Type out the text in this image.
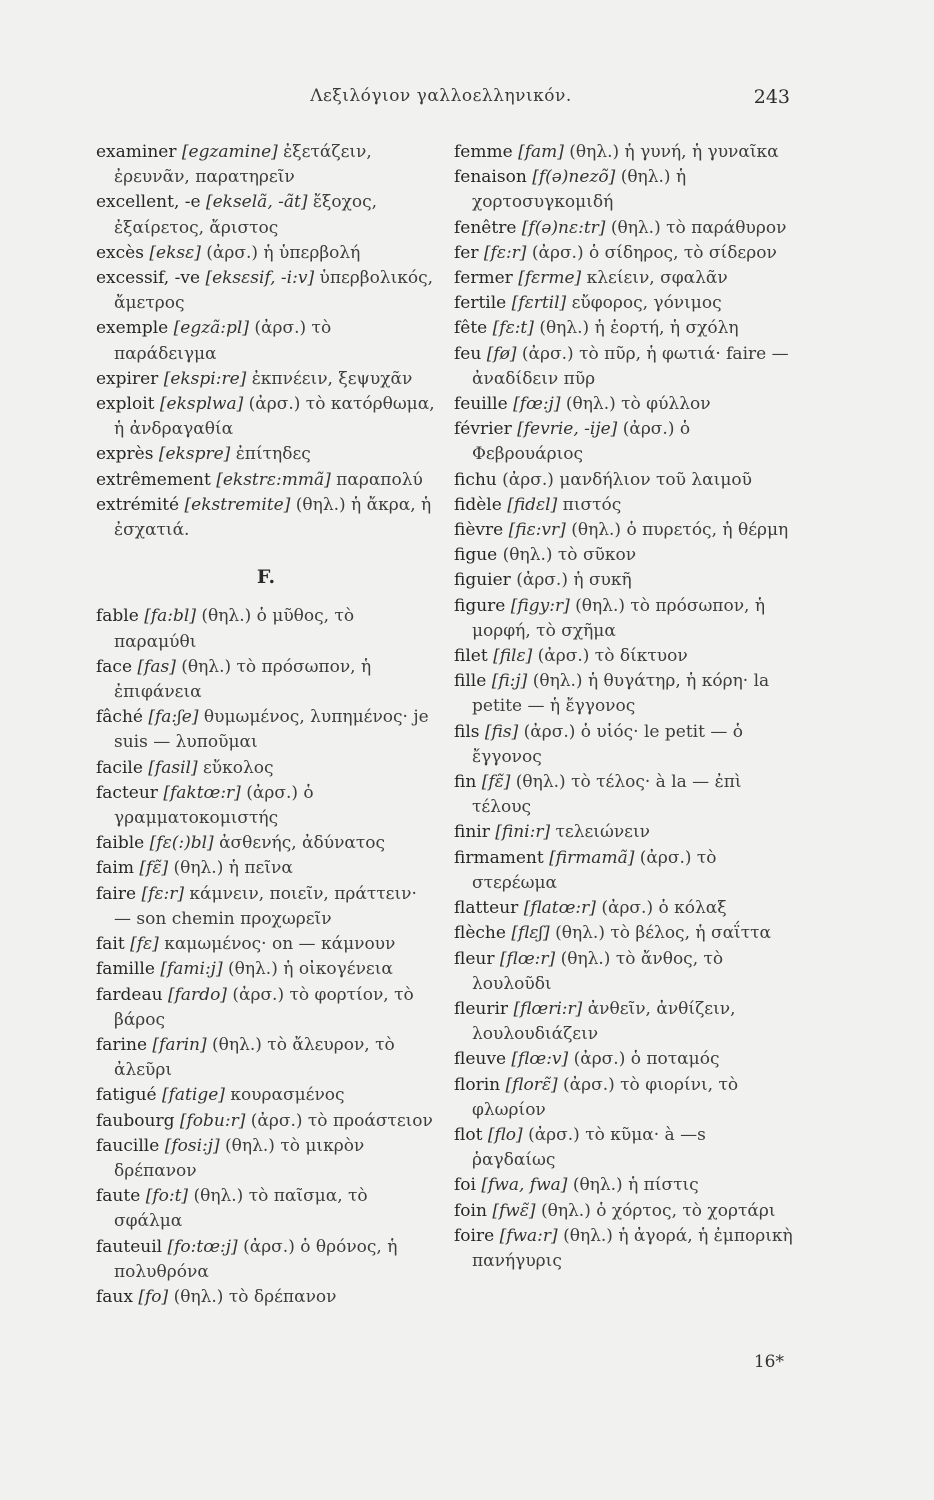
Λεξιλόγιον γαλλοελληνικόν.	243
examiner [egzamine] ἐξετάζειν, ἐρευνᾶν, παρατηρεῖν
excellent, -e [ekselã, -ãt] ἔξοχος, ἐξαίρετος, ἄριστος
excès [eksɛ] (ἀρσ.) ἡ ὑπερβολή
excessif, -ve [eksɛsif, -i:v] ὑπερβολικός, ἄμετρος
exemple [egzã:pl] (ἀρσ.) τὸ παράδειγμα
expirer [ekspi:re] ἐκπνέειν, ξεψυχᾶν
exploit [eksplwa] (ἀρσ.) τὸ κατόρθωμα, ἡ ἀνδραγαθία
exprès [ekspre] ἐπίτηδες
extrêmement [ekstrɛ:mmã] παραπολύ
extrémité [ekstremite] (θηλ.) ἡ ἄκρα, ἡ ἐσχατιά.
F.
fable [fa:bl] (θηλ.) ὁ μῦθος, τὸ παραμύθι
face [fas] (θηλ.) τὸ πρόσωπον, ἡ ἐπιφάνεια
fâché [fa:ʃe] θυμωμένος, λυπημένος· je suis — λυποῦμαι
facile [fasil] εὔκολος
facteur [faktœ:r] (ἀρσ.) ὁ γραμματοκομιστής
faible [fɛ(:)bl] ἀσθενής, ἀδύνατος
faim [fɛ̃] (θηλ.) ἡ πεῖνα
faire [fɛ:r] κάμνειν, ποιεῖν, πράττειν· — son chemin προχωρεῖν
fait [fɛ] καμωμένος· on — κάμνουν
famille [fami:j] (θηλ.) ἡ οἰκογένεια
fardeau [fardo] (ἀρσ.) τὸ φορτίον, τὸ βάρος
farine [farin] (θηλ.) τὸ ἄλευρον, τὸ ἀλεῦρι
fatigué [fatige] κουρασμένος
faubourg [fobu:r] (ἀρσ.) τὸ προάστειον
faucille [fosi:j] (θηλ.) τὸ μικρὸν δρέπανον
faute [fo:t] (θηλ.) τὸ παῖσμα, τὸ σφάλμα
fauteuil [fo:tœ:j] (ἀρσ.) ὁ θρόνος, ἡ πολυθρόνα
faux [fo] (θηλ.) τὸ δρέπανον
femme [fam] (θηλ.) ἡ γυνή, ἡ γυναῖκα
fenaison [f(ə)nezõ] (θηλ.) ἡ χορτοσυγκομιδή
fenêtre [f(ə)nɛ:tr] (θηλ.) τὸ παράθυρον
fer [fɛ:r] (ἀρσ.) ὁ σίδηρος, τὸ σίδερον
fermer [fɛrme] κλείειν, σφαλᾶν
fertile [fɛrtil] εὔφορος, γόνιμος
fête [fɛ:t] (θηλ.) ἡ ἑορτή, ἡ σχόλη
feu [fø] (ἀρσ.) τὸ πῦρ, ἡ φωτιά· faire — ἀναδίδειν πῦρ
feuille [fœ:j] (θηλ.) τὸ φύλλον
février [fevrie, -ije] (ἀρσ.) ὁ Φεβρουάριος
fichu (ἀρσ.) μανδήλιον τοῦ λαιμοῦ
fidèle [fidɛl] πιστός
fièvre [fiɛ:vr] (θηλ.) ὁ πυρετός, ἡ θέρμη
figue (θηλ.) τὸ σῦκον
figuier (ἀρσ.) ἡ συκῆ
figure [figy:r] (θηλ.) τὸ πρόσωπον, ἡ μορφή, τὸ σχῆμα
filet [filɛ] (ἀρσ.) τὸ δίκτυον
fille [fi:j] (θηλ.) ἡ θυγάτηρ, ἡ κόρη· la petite — ἡ ἔγγονος
fils [fis] (ἀρσ.) ὁ υἱός· le petit — ὁ ἔγγονος
fin [fɛ̃] (θηλ.) τὸ τέλος· à la — ἐπὶ τέλους
finir [fini:r] τελειώνειν
firmament [firmamã] (ἀρσ.) τὸ στερέωμα
flatteur [flatœ:r] (ἀρσ.) ὁ κόλαξ
flèche [flɛʃ] (θηλ.) τὸ βέλος, ἡ σαΐττα
fleur [flœ:r] (θηλ.) τὸ ἄνθος, τὸ λουλοῦδι
fleurir [flœri:r] ἀνθεῖν, ἀνθίζειν, λουλουδιάζειν
fleuve [flœ:v] (ἀρσ.) ὁ ποταμός
florin [florɛ̃] (ἀρσ.) τὸ φιορίνι, τὸ φλωρίον
flot [flo] (ἀρσ.) τὸ κῦμα· à —s ῥαγδαίως
foi [fwa, fwa] (θηλ.) ἡ πίστις
foin [fwɛ̃] (θηλ.) ὁ χόρτος, τὸ χορτάρι
foire [fwa:r] (θηλ.) ἡ ἀγορά, ἡ ἐμπορικὴ πανήγυρις
16*
